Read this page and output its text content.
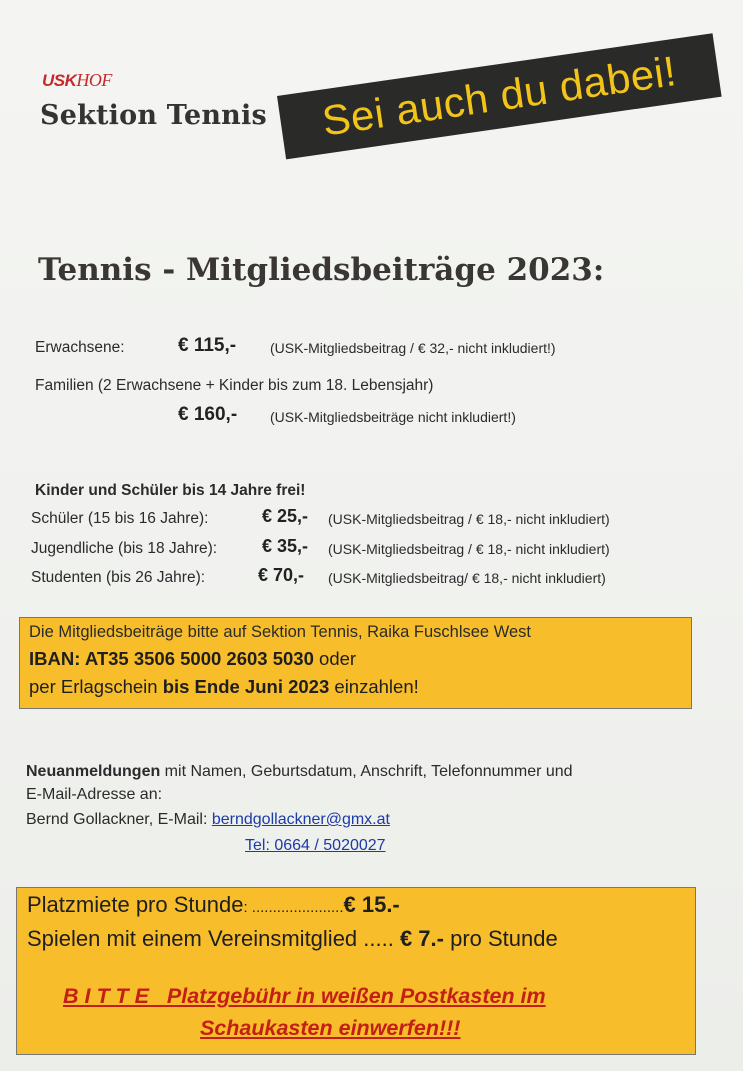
USKHOF
Sektion Tennis Sei auch du dabei!
Tennis - Mitgliedsbeiträge 2023:
Erwachsene:	€ 115,- (USK-Mitgliedsbeitrag / € 32,- nicht inkludiert!)
Familien (2 Erwachsene + Kinder bis zum 18. Lebensjahr)
€ 160,- (USK-Mitgliedsbeiträge nicht inkludiert!)
Kinder und Schüler bis 14 Jahre frei!
Schüler (15 bis 16 Jahre):	€ 25,- (USK-Mitgliedsbeitrag / € 18,- nicht inkludiert)
Jugendliche (bis 18 Jahre): € 35,- (USK-Mitgliedsbeitrag / € 18,- nicht inkludiert)
Studenten (bis 26 Jahre):	€ 70,- (USK-Mitgliedsbeitrag/ € 18,- nicht inkludiert)
Die Mitgliedsbeiträge bitte auf Sektion Tennis, Raika Fuschlsee West
IBAN: AT35 3506 5000 2603 5030 oder
per Erlagschein bis Ende Juni 2023 einzahlen!
Neuanmeldungen mit Namen, Geburtsdatum, Anschrift, Telefonnummer und
E-Mail-Adresse an:
Bernd Gollackner, E-Mail: berndgollackner@gmx.at
Tel: 0664 / 5020027
Platzmiete pro Stunde: ......................€ 15.-
Spielen mit einem Vereinsmitglied ..... € 7.- pro Stunde
B I T T E   Platzgebühr in weißen Postkasten im
Schaukasten einwerfen!!!
